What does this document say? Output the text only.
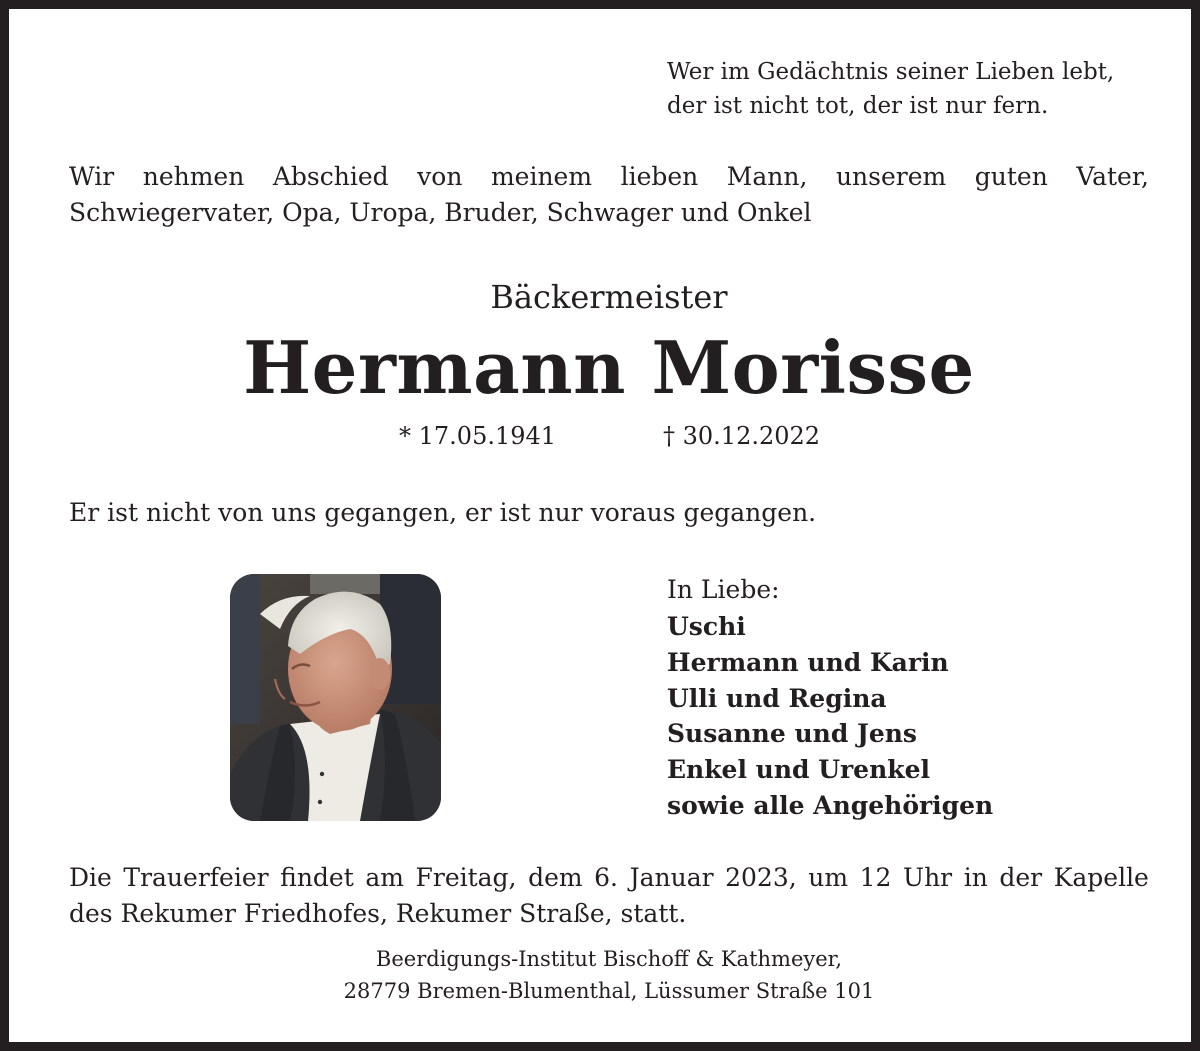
Wer im Gedächtnis seiner Lieben lebt,
der ist nicht tot, der ist nur fern.
Wir nehmen Abschied von meinem lieben Mann, unserem guten Vater,
Schwiegervater, Opa, Uropa, Bruder, Schwager und Onkel
Bäckermeister
Hermann Morisse
* 17.05.1941	† 30.12.2022
Er ist nicht von uns gegangen, er ist nur voraus gegangen.
In Liebe:
Uschi
Hermann und Karin
Ulli und Regina
Susanne und Jens
Enkel und Urenkel
sowie alle Angehörigen
Die Trauerfeier findet am Freitag, dem 6. Januar 2023, um 12 Uhr in der Kapelle
des Rekumer Friedhofes, Rekumer Straße, statt.
Beerdigungs-Institut Bischoff & Kathmeyer,
28779 Bremen-Blumenthal, Lüssumer Straße 101
